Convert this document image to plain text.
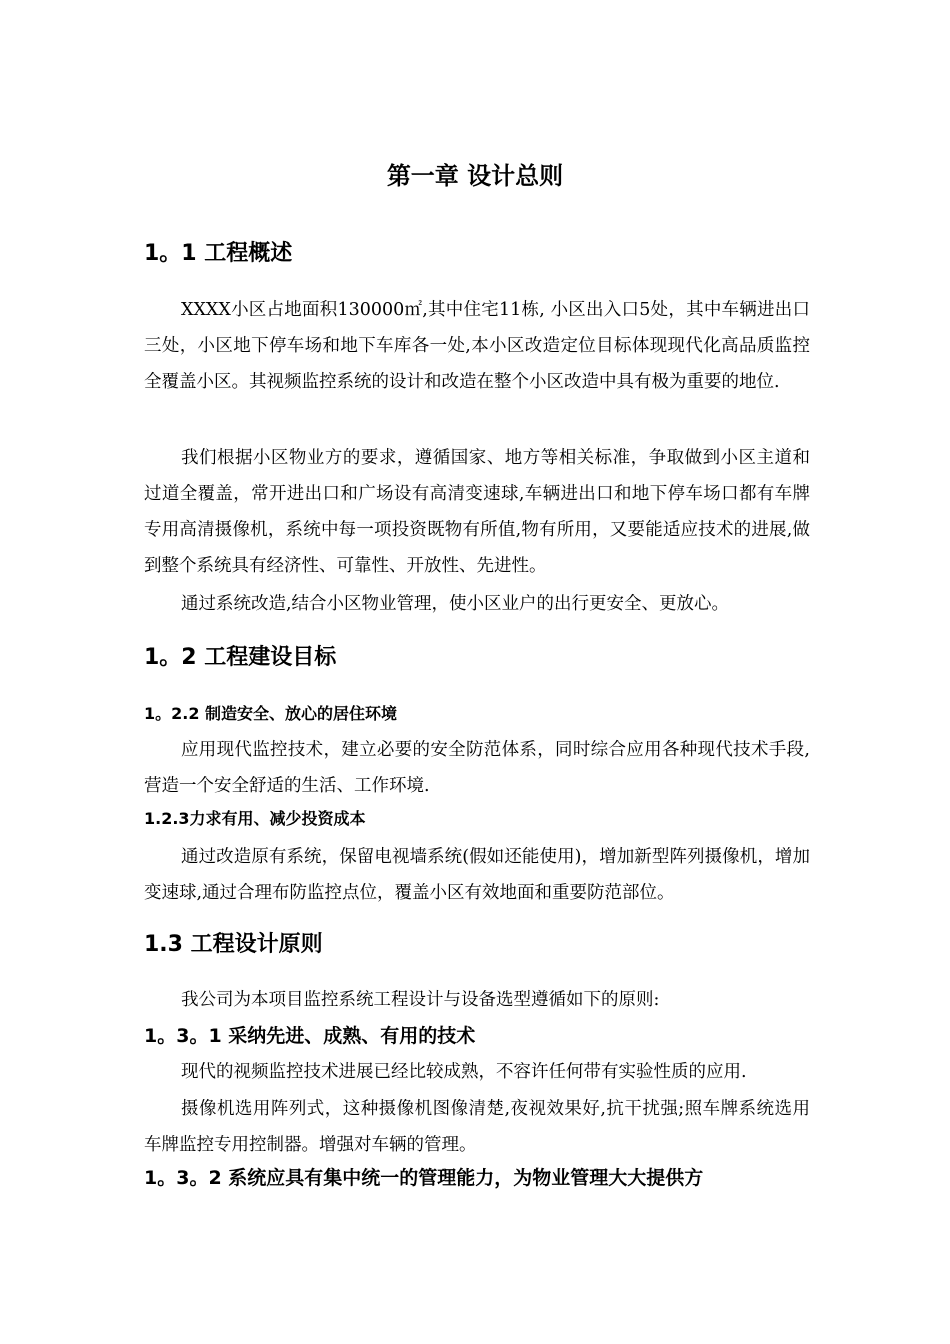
第一章 设计总则
1。1 工程概述

XXXX小区占地面积130000㎡,其中住宅11栋, 小区出入口5处，其中车辆进出口三处，小区地下停车场和地下车库各一处,本小区改造定位目标体现现代化高品质监控全覆盖小区。其视频监控系统的设计和改造在整个小区改造中具有极为重要的地位.

我们根据小区物业方的要求，遵循国家、地方等相关标准，争取做到小区主道和过道全覆盖，常开进出口和广场设有高清变速球,车辆进出口和地下停车场口都有车牌专用高清摄像机，系统中每一项投资既物有所值,物有所用，又要能适应技术的进展,做到整个系统具有经济性、可靠性、开放性、先进性。

通过系统改造,结合小区物业管理，使小区业户的出行更安全、更放心。

1。2 工程建设目标
1。2.2 制造安全、放心的居住环境

应用现代监控技术，建立必要的安全防范体系，同时综合应用各种现代技术手段,营造一个安全舒适的生活、工作环境.

1.2.3力求有用、减少投资成本

通过改造原有系统，保留电视墙系统(假如还能使用)，增加新型阵列摄像机，增加变速球,通过合理布防监控点位，覆盖小区有效地面和重要防范部位。

1.3 工程设计原则

我公司为本项目监控系统工程设计与设备选型遵循如下的原则:

1。3。1 采纳先进、成熟、有用的技术

现代的视频监控技术进展已经比较成熟，不容许任何带有实验性质的应用.

摄像机选用阵列式，这种摄像机图像清楚,夜视效果好,抗干扰强;照车牌系统选用车牌监控专用控制器。增强对车辆的管理。

1。3。2 系统应具有集中统一的管理能力，为物业管理大大提供方
